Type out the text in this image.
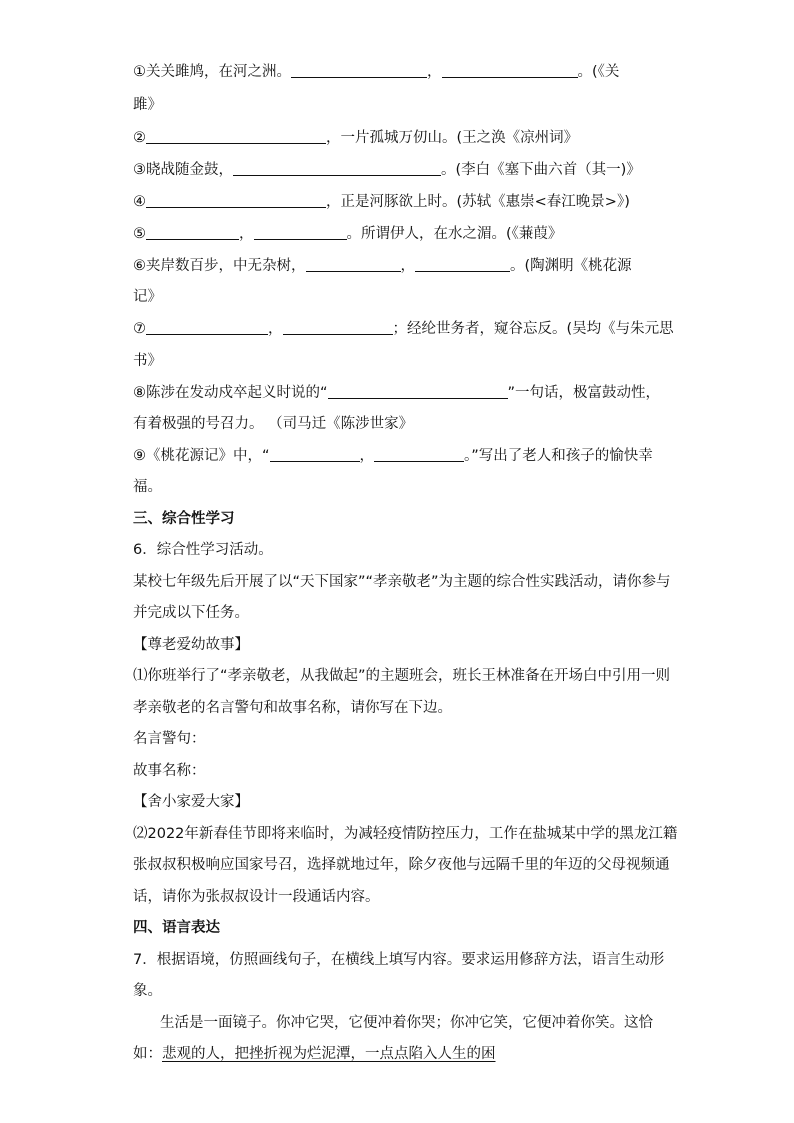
①关关雎鸠，在河之洲。	，	。(《关
雎》
②	，一片孤城万仞山。(王之涣《凉州词》
③晓战随金鼓，	。(李白《塞下曲六首（其一)》
④	，正是河豚欲上时。(苏轼《惠崇<春江晚景>》)
⑤	，	。所谓伊人，在水之湄。(《蒹葭》
⑥夹岸数百步，中无杂树，	，	。(陶渊明《桃花源
记》
⑦	，	；经纶世务者，窥谷忘反。(吴均《与朱元思
书》
⑧陈涉在发动戍卒起义时说的“	”一句话，极富鼓动性，
有着极强的号召力。 （司马迁《陈涉世家》
⑨《桃花源记》中，“	，	。”写出了老人和孩子的愉快幸
福。
三、综合性学习
6．综合性学习活动。
某校七年级先后开展了以“天下国家”“孝亲敬老”为主题的综合性实践活动，请你参与
并完成以下任务。
【尊老爱幼故事】
⑴你班举行了“孝亲敬老，从我做起”的主题班会，班长王林准备在开场白中引用一则
孝亲敬老的名言警句和故事名称，请你写在下边。
名言警句：
故事名称：
【舍小家爱大家】
⑵2022年新春佳节即将来临时，为减轻疫情防控压力，工作在盐城某中学的黑龙江籍
张叔叔积极响应国家号召，选择就地过年，除夕夜他与远隔千里的年迈的父母视频通
话，请你为张叔叔设计一段通话内容。
四、语言表达
7．根据语境，仿照画线句子，在横线上填写内容。要求运用修辞方法，语言生动形
象。
生活是一面镜子。你冲它哭，它便冲着你哭；你冲它笑，它便冲着你笑。这恰
如：悲观的人，把挫折视为烂泥潭，一点点陷入人生的困
